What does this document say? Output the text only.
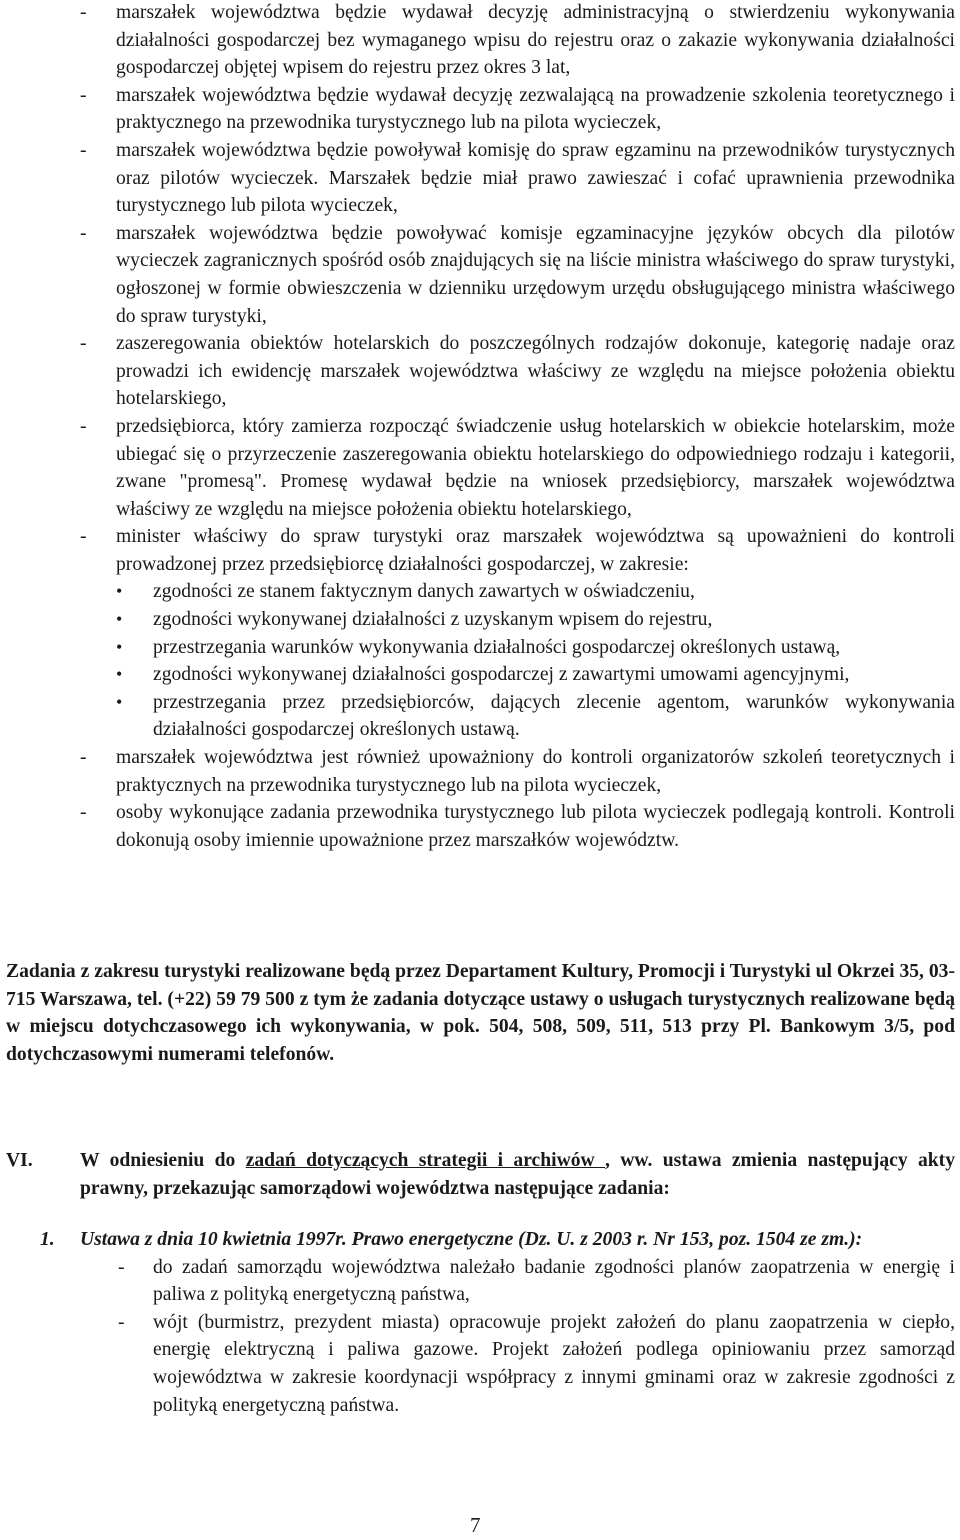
- marszałek województwa będzie wydawał decyzję administracyjną o stwierdzeniu wykonywania działalności gospodarczej bez wymaganego wpisu do rejestru oraz o zakazie wykonywania działalności gospodarczej objętej wpisem do rejestru przez okres 3 lat,
- marszałek województwa będzie wydawał decyzję zezwalającą na prowadzenie szkolenia teoretycznego i praktycznego na przewodnika turystycznego lub na pilota wycieczek,
- marszałek województwa będzie powoływał komisję do spraw egzaminu na przewodników turystycznych oraz pilotów wycieczek. Marszałek będzie miał prawo zawieszać i cofać uprawnienia przewodnika turystycznego lub pilota wycieczek,
- marszałek województwa będzie powoływać komisje egzaminacyjne języków obcych dla pilotów wycieczek zagranicznych spośród osób znajdujących się na liście ministra właściwego do spraw turystyki, ogłoszonej w formie obwieszczenia w dzienniku urzędowym urzędu obsługującego ministra właściwego do spraw turystyki,
- zaszeregowania obiektów hotelarskich do poszczególnych rodzajów dokonuje, kategorię nadaje oraz prowadzi ich ewidencję marszałek województwa właściwy ze względu na miejsce położenia obiektu hotelarskiego,
- przedsiębiorca, który zamierza rozpocząć świadczenie usług hotelarskich w obiekcie hotelarskim, może ubiegać się o przyrzeczenie zaszeregowania obiektu hotelarskiego do odpowiedniego rodzaju i kategorii, zwane "promesą". Promesę wydawał będzie na wniosek przedsiębiorcy, marszałek województwa właściwy ze względu na miejsce położenia obiektu hotelarskiego,
- minister właściwy do spraw turystyki oraz marszałek województwa są upoważnieni do kontroli prowadzonej przez przedsiębiorcę działalności gospodarczej, w zakresie:
• zgodności ze stanem faktycznym danych zawartych w oświadczeniu,
• zgodności wykonywanej działalności z uzyskanym wpisem do rejestru,
• przestrzegania warunków wykonywania działalności gospodarczej określonych ustawą,
• zgodności wykonywanej działalności gospodarczej z zawartymi umowami agencyjnymi,
• przestrzegania przez przedsiębiorców, dających zlecenie agentom, warunków wykonywania działalności gospodarczej określonych ustawą.
- marszałek województwa jest również upoważniony do kontroli organizatorów szkoleń teoretycznych i praktycznych na przewodnika turystycznego lub na pilota wycieczek,
- osoby wykonujące zadania przewodnika turystycznego lub pilota wycieczek podlegają kontroli. Kontroli dokonują osoby imiennie upoważnione przez marszałków województw.
Zadania z zakresu turystyki realizowane będą przez Departament Kultury, Promocji i Turystyki ul Okrzei 35, 03-715 Warszawa, tel. (+22) 59 79 500 z tym że zadania dotyczące ustawy o usługach turystycznych realizowane będą w miejscu dotychczasowego ich wykonywania, w pok. 504, 508, 509, 511, 513 przy Pl. Bankowym 3/5, pod dotychczasowymi numerami telefonów.
VI.	W odniesieniu do zadań dotyczących strategii i archiwów , ww. ustawa zmienia następujący akty prawny, przekazując samorządowi województwa następujące zadania:
1.	Ustawa z dnia 10 kwietnia 1997r. Prawo energetyczne (Dz. U. z 2003 r. Nr 153, poz. 1504 ze zm.):
- do zadań samorządu województwa należało badanie zgodności planów zaopatrzenia w energię i paliwa z polityką energetyczną państwa,
- wójt (burmistrz, prezydent miasta) opracowuje projekt założeń do planu zaopatrzenia w ciepło, energię elektryczną i paliwa gazowe. Projekt założeń podlega opiniowaniu przez samorząd województwa w zakresie koordynacji współpracy z innymi gminami oraz w zakresie zgodności z polityką energetyczną państwa.
7
